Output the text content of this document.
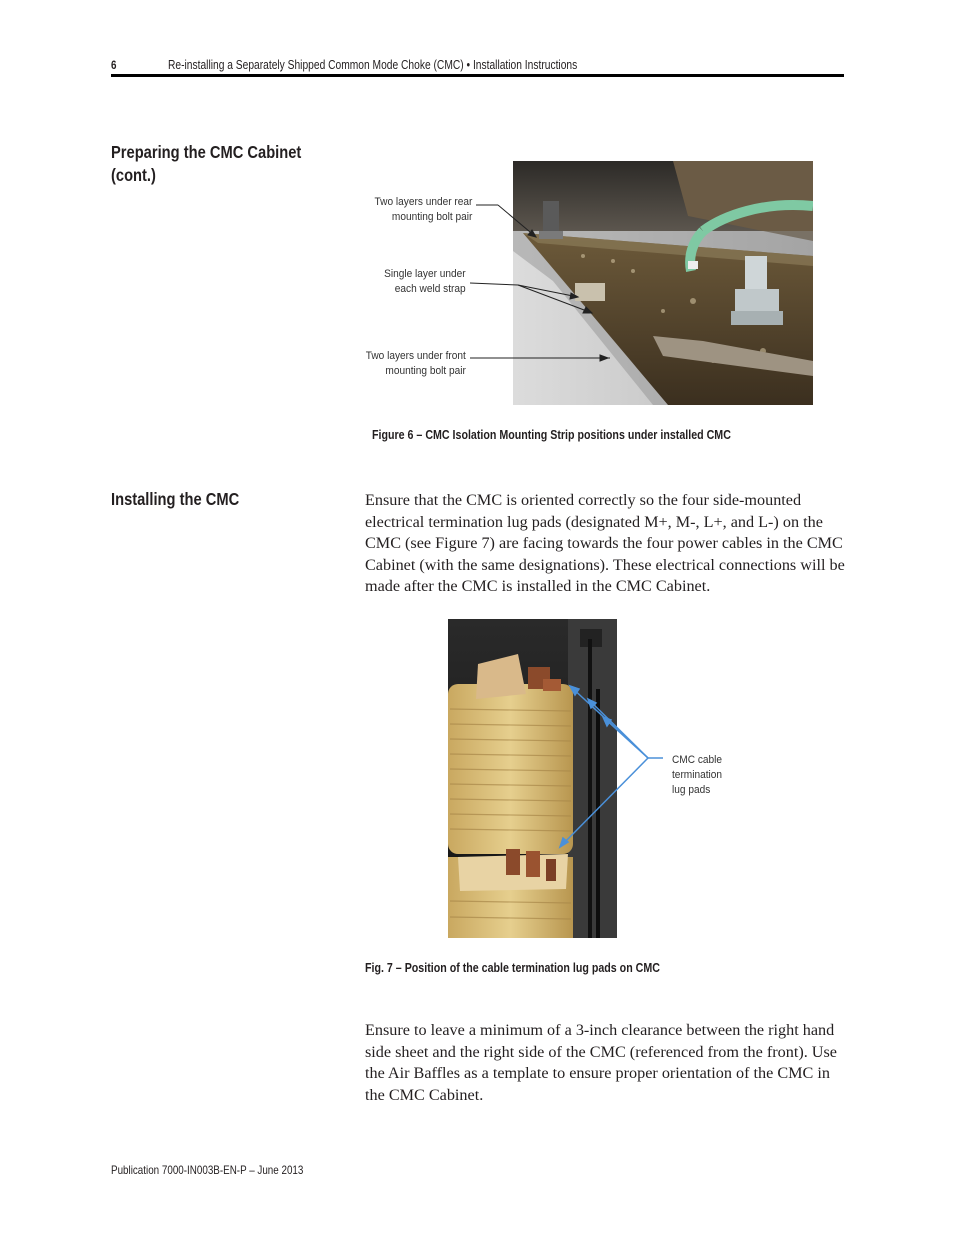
6	Re-installing a Separately Shipped Common Mode Choke (CMC) • Installation Instructions
Preparing the CMC Cabinet
(cont.)
Two layers under rear
mounting bolt pair
Single layer under
each weld strap
Two layers under front
mounting bolt pair
Figure 6 – CMC Isolation Mounting Strip positions under installed CMC
Installing the CMC	Ensure that the CMC is oriented correctly so the four side-mounted electrical termination lug pads (designated M+, M-, L+, and L-) on the CMC (see Figure 7) are facing towards the four power cables in the CMC Cabinet (with the same designations). These electrical connections will be made after the CMC is installed in the CMC Cabinet.
CMC cable
termination
lug pads
Fig. 7 – Position of the cable termination lug pads on CMC
Ensure to leave a minimum of a 3-inch clearance between the right hand side sheet and the right side of the CMC (referenced from the front). Use the Air Baffles as a template to ensure proper orientation of the CMC in the CMC Cabinet.
Publication 7000-IN003B-EN-P – June 2013
